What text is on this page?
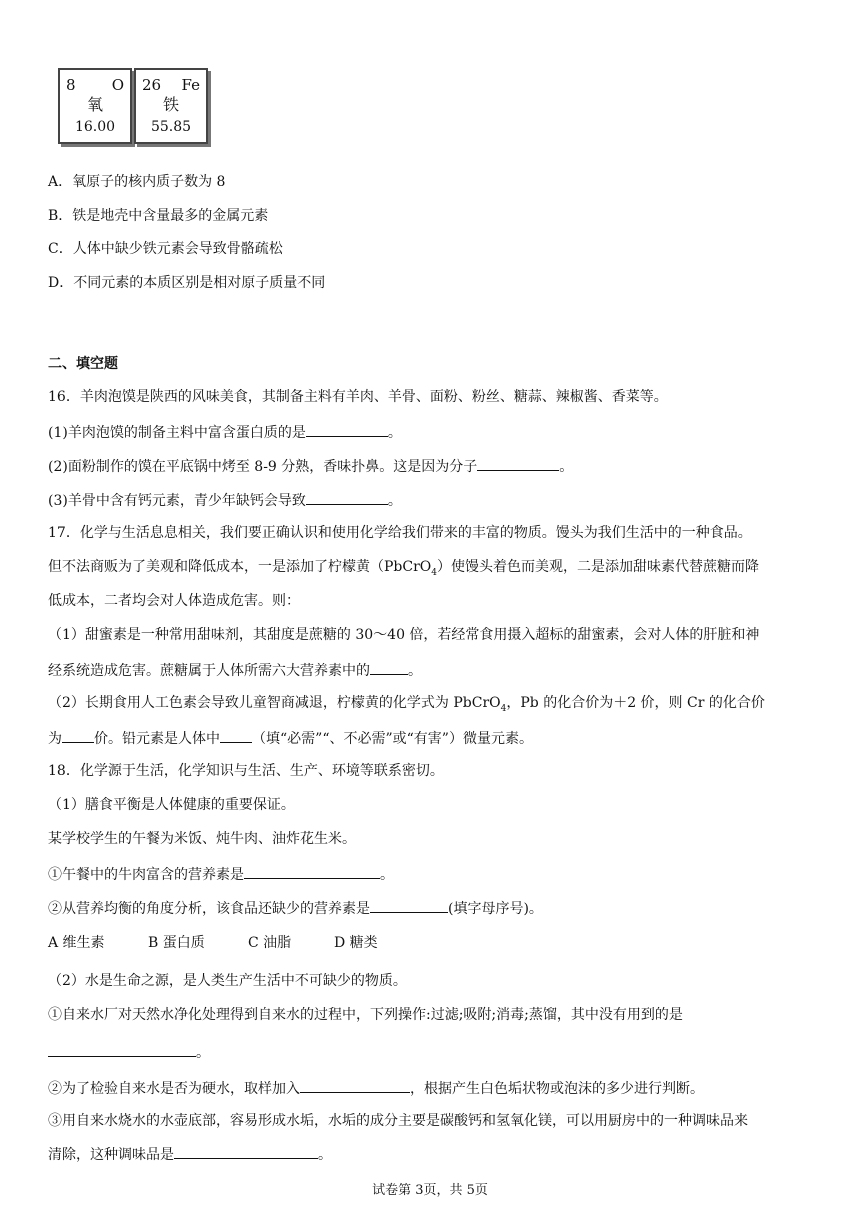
8 O
氧
16.00
26 Fe
铁
55.85
A．氧原子的核内质子数为 8
B．铁是地壳中含量最多的金属元素
C．人体中缺少铁元素会导致骨骼疏松
D．不同元素的本质区别是相对原子质量不同
二、填空题
16．羊肉泡馍是陕西的风味美食，其制备主料有羊肉、羊骨、面粉、粉丝、糖蒜、辣椒酱、香菜等。
(1)羊肉泡馍的制备主料中富含蛋白质的是	。
(2)面粉制作的馍在平底锅中烤至 8-9 分熟，香味扑鼻。这是因为分子	。
(3)羊骨中含有钙元素，青少年缺钙会导致	。
17．化学与生活息息相关，我们要正确认识和使用化学给我们带来的丰富的物质。馒头为我们生活中的一种食品。
但不法商贩为了美观和降低成本，一是添加了柠檬黄（PbCrO$_4$）使馒头着色而美观，二是添加甜味素代替蔗糖而降
低成本，二者均会对人体造成危害。则：
（1）甜蜜素是一种常用甜味剂，其甜度是蔗糖的 30～40 倍，若经常食用摄入超标的甜蜜素，会对人体的肝脏和神
经系统造成危害。蔗糖属于人体所需六大营养素中的	。
（2）长期食用人工色素会导致儿童智商减退，柠檬黄的化学式为 PbCrO$_4$，Pb 的化合价为＋2 价，则 Cr 的化合价
为 价。铅元素是人体中 （填“必需”“、不必需”或“有害”）微量元素。
18．化学源于生活，化学知识与生活、生产、环境等联系密切。
（1）膳食平衡是人体健康的重要保证。
某学校学生的午餐为米饭、炖牛肉、油炸花生米。
①午餐中的牛肉富含的营养素是	。
②从营养均衡的角度分析，该食品还缺少的营养素是	(填字母序号)。
A 维生素	B 蛋白质	C 油脂	D 糖类
（2）水是生命之源，是人类生产生活中不可缺少的物质。
①自来水厂对天然水净化处理得到自来水的过程中，下列操作:过滤;吸附;消毒;蒸馏，其中没有用到的是
。
②为了检验自来水是否为硬水，取样加入	，根据产生白色垢状物或泡沫的多少进行判断。
③用自来水烧水的水壶底部，容易形成水垢，水垢的成分主要是碳酸钙和氢氧化镁，可以用厨房中的一种调味品来
清除，这种调味品是	。
试卷第 3页，共 5页
